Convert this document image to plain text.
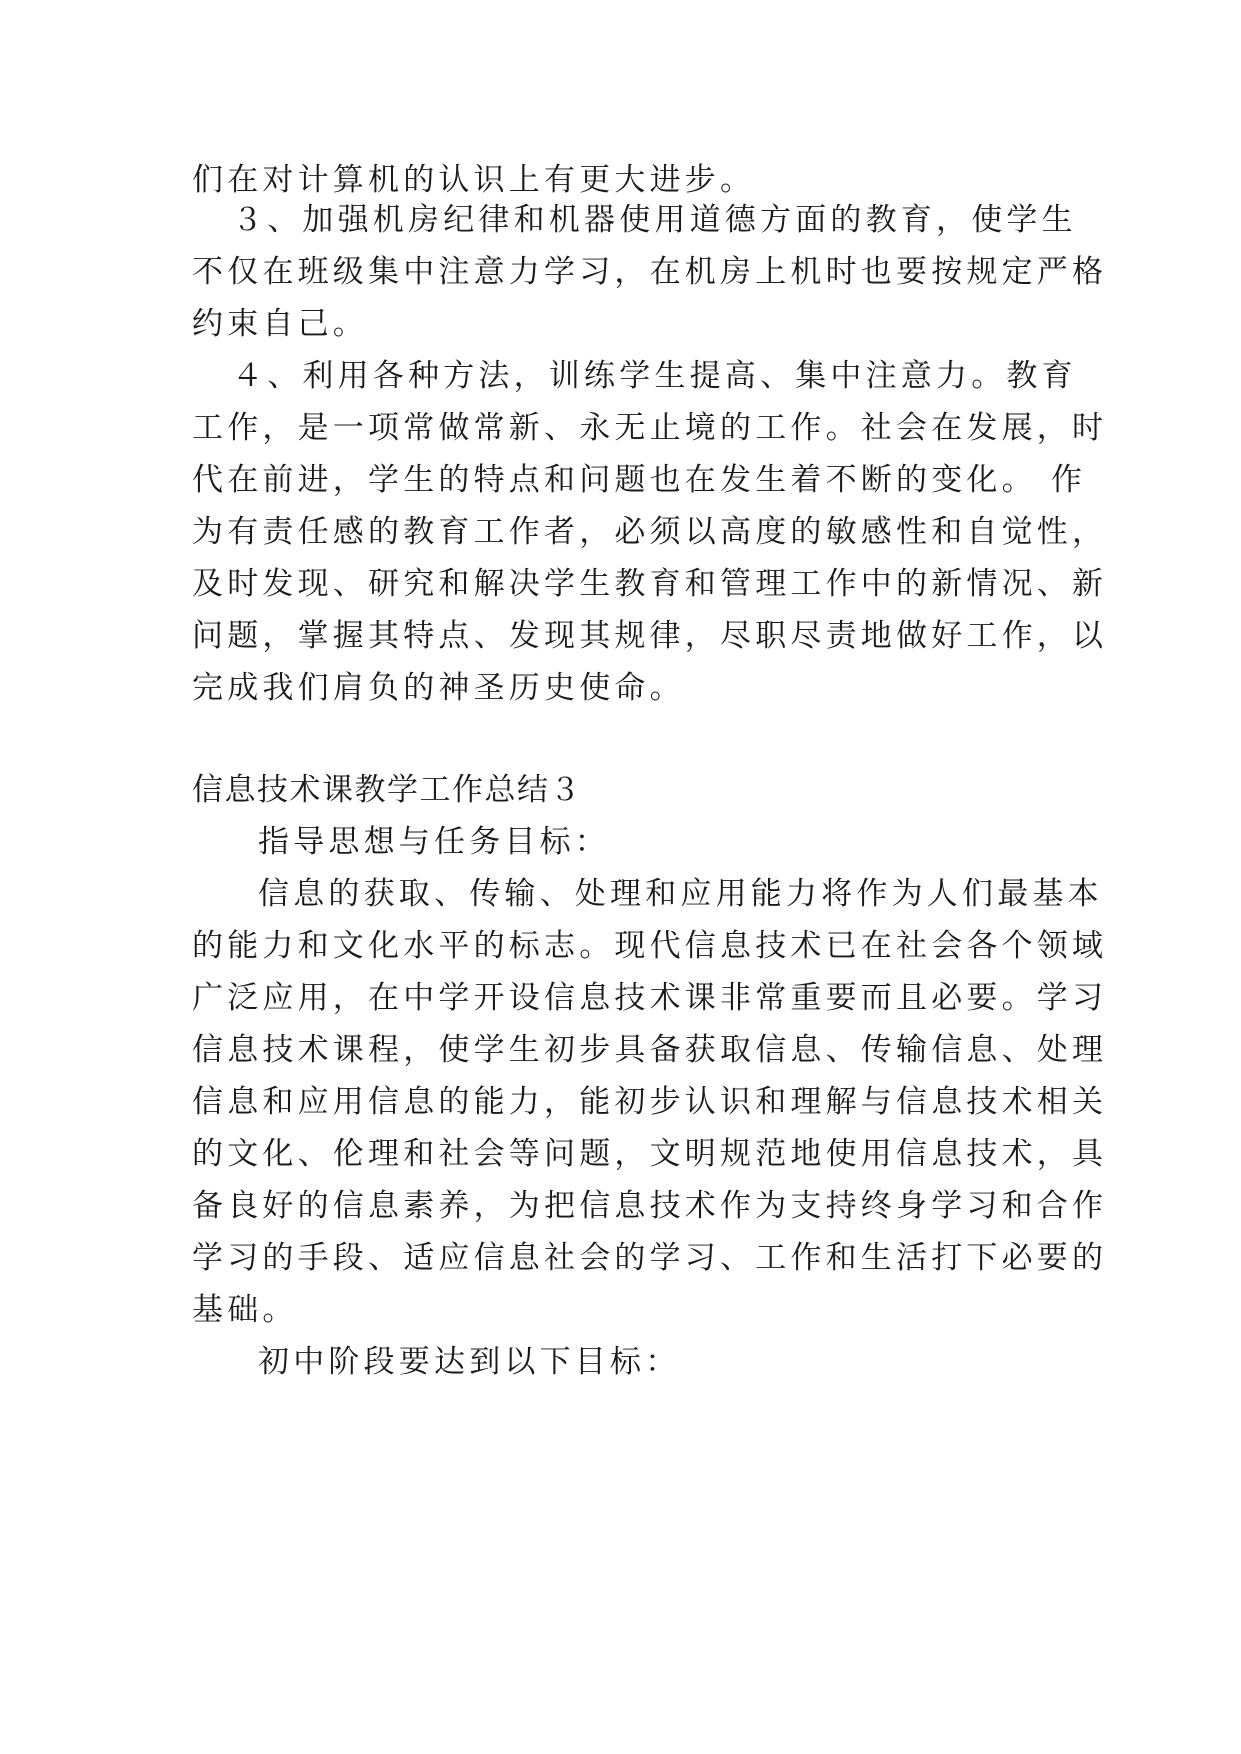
们在对计算机的认识上有更大进步。
３、加强机房纪律和机器使用道德方面的教育，使学生
不仅在班级集中注意力学习，在机房上机时也要按规定严格
约束自己。
４、利用各种方法，训练学生提高、集中注意力。教育
工作，是一项常做常新、永无止境的工作。社会在发展，时
代在前进，学生的特点和问题也在发生着不断的变化。 作
为有责任感的教育工作者，必须以高度的敏感性和自觉性，
及时发现、研究和解决学生教育和管理工作中的新情况、新
问题，掌握其特点、发现其规律，尽职尽责地做好工作，以
完成我们肩负的神圣历史使命。
信息技术课教学工作总结３
指导思想与任务目标：
信息的获取、传输、处理和应用能力将作为人们最基本
的能力和文化水平的标志。现代信息技术已在社会各个领域
广泛应用，在中学开设信息技术课非常重要而且必要。学习
信息技术课程，使学生初步具备获取信息、传输信息、处理
信息和应用信息的能力，能初步认识和理解与信息技术相关
的文化、伦理和社会等问题，文明规范地使用信息技术，具
备良好的信息素养，为把信息技术作为支持终身学习和合作
学习的手段、适应信息社会的学习、工作和生活打下必要的
基础。
初中阶段要达到以下目标：
